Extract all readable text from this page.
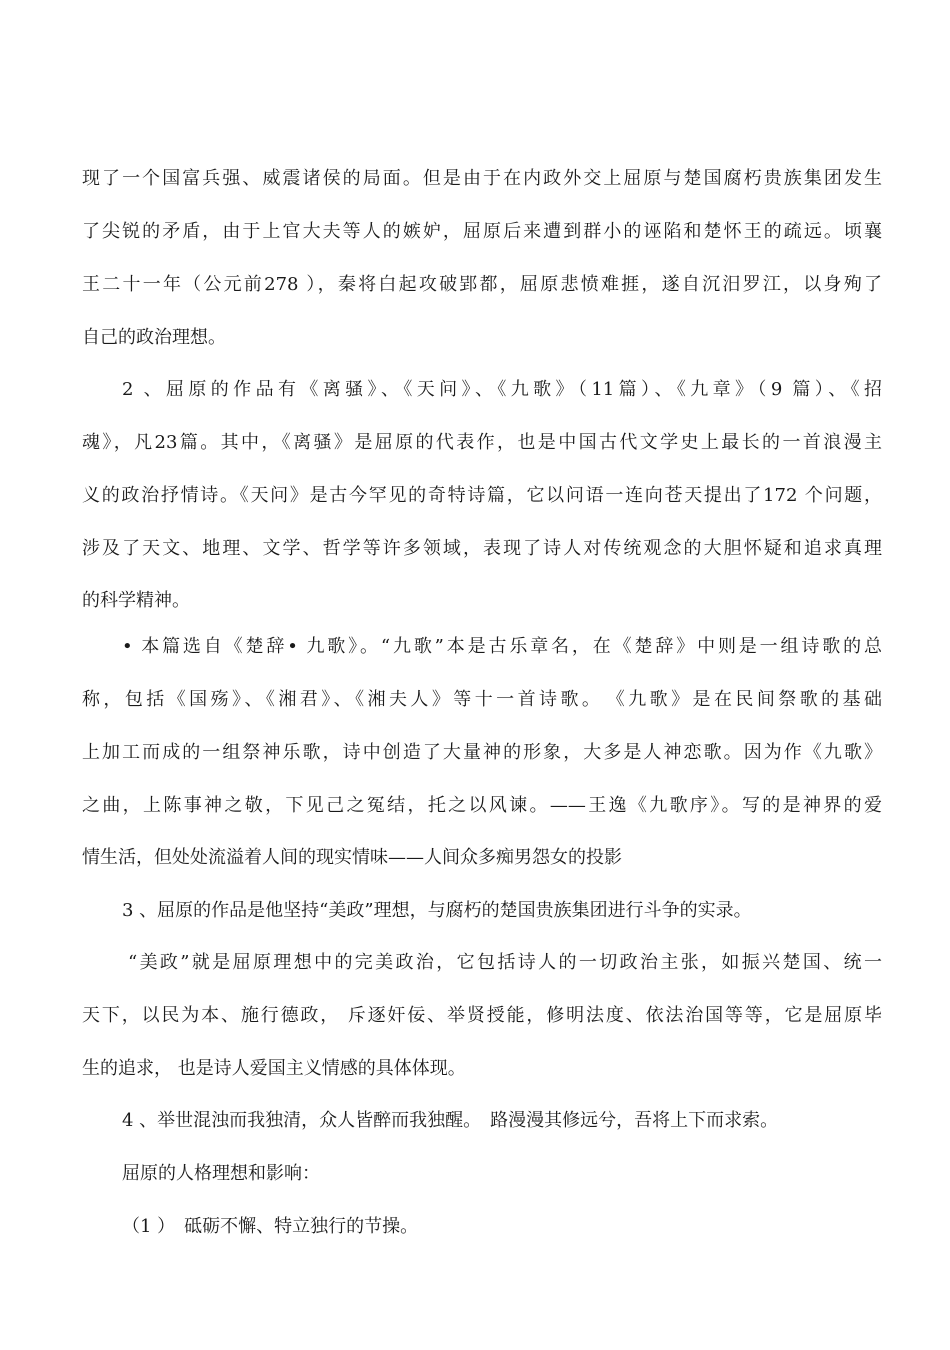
现了一个国富兵强、威震诸侯的局面。但是由于在内政外交上屈原与楚国腐朽贵族集团发生
了尖锐的矛盾，由于上官大夫等人的嫉妒，屈原后来遭到群小的诬陷和楚怀王的疏远。顷襄
王二十一年（公元前278 ），秦将白起攻破郢都，屈原悲愤难捱，遂自沉汨罗江，以身殉了
自己的政治理想。
2 、屈原的作品有《离骚》、《天问》、《九歌》（11篇）、《九章》（9 篇）、《招
魂》，凡23篇。其中，《离骚》是屈原的代表作，也是中国古代文学史上最长的一首浪漫主
义的政治抒情诗。《天问》是古今罕见的奇特诗篇，它以问语一连向苍天提出了172 个问题，
涉及了天文、地理、文学、哲学等许多领域，表现了诗人对传统观念的大胆怀疑和追求真理
的科学精神。
• 本篇选自《楚辞• 九歌》。“九歌”本是古乐章名，在《楚辞》中则是一组诗歌的总
称，包括《国殇》、《湘君》、《湘夫人》等十一首诗歌。　《九歌》是在民间祭歌的基础
上加工而成的一组祭神乐歌，诗中创造了大量神的形象，大多是人神恋歌。因为作《九歌》
之曲，上陈事神之敬，下见己之冤结，托之以风谏。——王逸《九歌序》。写的是神界的爱
情生活，但处处流溢着人间的现实情味——人间众多痴男怨女的投影
3 、屈原的作品是他坚持“美政”理想，与腐朽的楚国贵族集团进行斗争的实录。
“美政”就是屈原理想中的完美政治，它包括诗人的一切政治主张，如振兴楚国、统一
天下，以民为本、施行德政， 斥逐奸佞、举贤授能，修明法度、依法治国等等，它是屈原毕
生的追求， 也是诗人爱国主义情感的具体体现。
4 、举世混浊而我独清，众人皆醉而我独醒。　路漫漫其修远兮，吾将上下而求索。
屈原的人格理想和影响：
（1 ）　砥砺不懈、特立独行的节操。
